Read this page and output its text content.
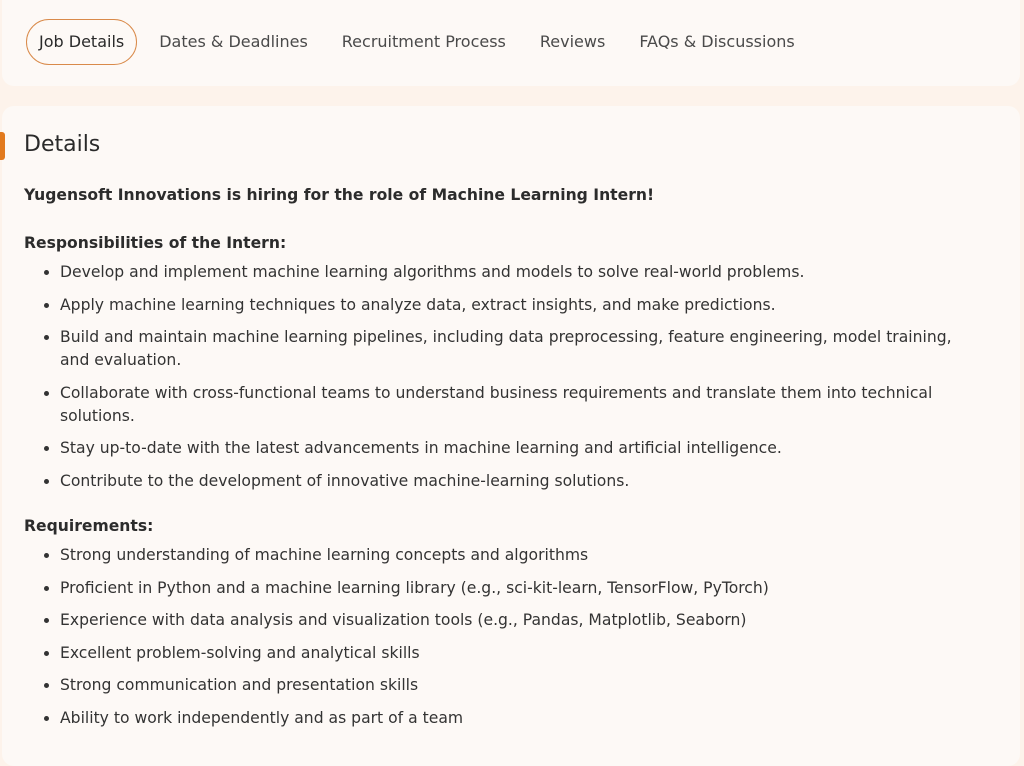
Job Details	Dates & Deadlines	Recruitment Process	Reviews	FAQs & Discussions
Details

Yugensoft Innovations is hiring for the role of Machine Learning Intern!

Responsibilities of the Intern:

• Develop and implement machine learning algorithms and models to solve real-world problems.
• Apply machine learning techniques to analyze data, extract insights, and make predictions.
• Build and maintain machine learning pipelines, including data preprocessing, feature engineering, model training, and evaluation.
• Collaborate with cross-functional teams to understand business requirements and translate them into technical solutions.
• Stay up-to-date with the latest advancements in machine learning and artificial intelligence.
• Contribute to the development of innovative machine-learning solutions.

Requirements:

• Strong understanding of machine learning concepts and algorithms
• Proficient in Python and a machine learning library (e.g., sci-kit-learn, TensorFlow, PyTorch)
• Experience with data analysis and visualization tools (e.g., Pandas, Matplotlib, Seaborn)
• Excellent problem-solving and analytical skills
• Strong communication and presentation skills
• Ability to work independently and as part of a team
